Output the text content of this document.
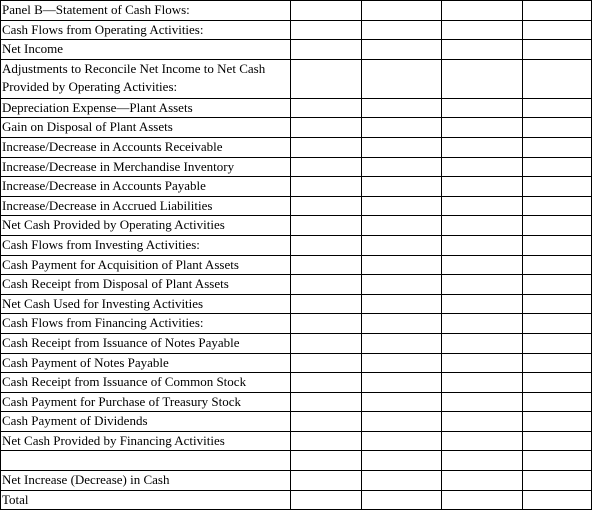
Panel B—Statement of Cash Flows:				
Cash Flows from Operating Activities:				
Net Income				
Adjustments to Reconcile Net Income to Net Cash Provided by Operating Activities:				
Depreciation Expense—Plant Assets				
Gain on Disposal of Plant Assets				
Increase/Decrease in Accounts Receivable				
Increase/Decrease in Merchandise Inventory				
Increase/Decrease in Accounts Payable				
Increase/Decrease in Accrued Liabilities				
Net Cash Provided by Operating Activities				
Cash Flows from Investing Activities:				
Cash Payment for Acquisition of Plant Assets				
Cash Receipt from Disposal of Plant Assets				
Net Cash Used for Investing Activities				
Cash Flows from Financing Activities:				
Cash Receipt from Issuance of Notes Payable				
Cash Payment of Notes Payable				
Cash Receipt from Issuance of Common Stock				
Cash Payment for Purchase of Treasury Stock				
Cash Payment of Dividends				
Net Cash Provided by Financing Activities				

Net Increase (Decrease) in Cash				
Total				
